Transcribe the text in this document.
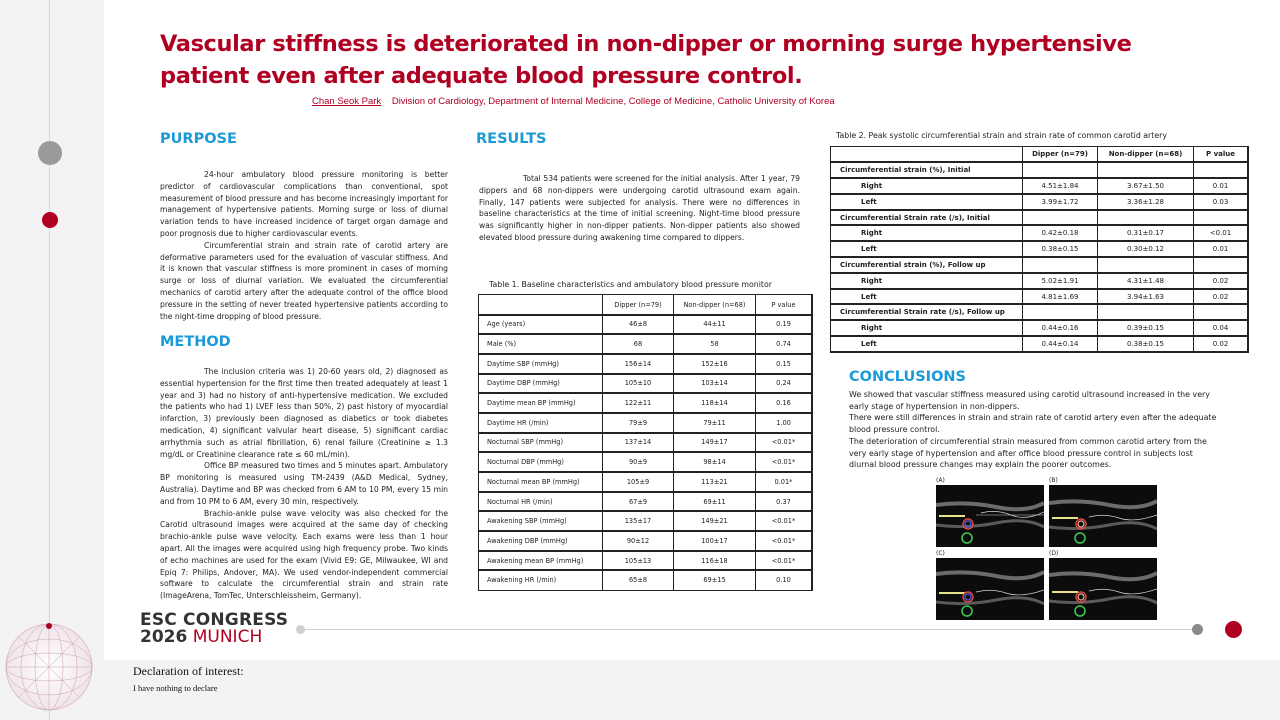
Vascular stiffness is deteriorated in non-dipper or morning surge hypertensive patient even after adequate blood pressure control.
Chan Seok Park Division of Cardiology, Department of Internal Medicine, College of Medicine, Catholic University of Korea
PURPOSE

24-hour ambulatory blood pressure monitoring is better predictor of cardiovascular complications than conventional, spot measurement of blood pressure and has become increasingly important for management of hypertensive patients. Morning surge or loss of diurnal variation tends to have increased incidence of target organ damage and poor prognosis due to higher cardiovascular events.

Circumferential strain and strain rate of carotid artery are deformative parameters used for the evaluation of vascular stiffness. And it is known that vascular stiffness is more prominent in cases of morning surge or loss of diurnal variation. We evaluated the circumferential mechanics of carotid artery after the adequate control of the office blood pressure in the setting of never treated hypertensive patients according to the night-time dropping of blood pressure.

METHOD

The inclusion criteria was 1) 20-60 years old, 2) diagnosed as essential hypertension for the first time then treated adequately at least 1 year and 3) had no history of anti-hypertensive medication. We excluded the patients who had 1) LVEF less than 50%, 2) past history of myocardial infarction, 3) previously been diagnosed as diabetics or took diabetes medication, 4) significant valvular heart disease, 5) significant cardiac arrhythmia such as atrial fibrillation, 6) renal failure (Creatinine ≥ 1.3 mg/dL or Creatinine clearance rate ≤ 60 mL/min).

Office BP measured two times and 5 minutes apart. Ambulatory BP monitoring is measured using TM-2439 (A&D Medical, Sydney, Australia). Daytime and BP was checked from 6 AM to 10 PM, every 15 min and from 10 PM to 6 AM, every 30 min, respectively.

Brachio-ankle pulse wave velocity was also checked for the Carotid ultrasound images were acquired at the same day of checking brachio-ankle pulse wave velocity. Each exams were less than 1 hour apart. All the images were acquired using high frequency probe. Two kinds of echo machines are used for the exam (Vivid E9: GE, Milwaukee, WI and Epiq 7: Philips, Andover, MA). We used vendor-independent commercial software to calculate the circumferential strain and strain rate (ImageArena, TomTec, Unterschleissheim, Germany).

RESULTS

Total 534 patients were screened for the initial analysis. After 1 year, 79 dippers and 68 non-dippers were undergoing carotid ultrasound exam again. Finally, 147 patients were subjected for analysis. There were no differences in baseline characteristics at the time of initial screening. Night-time blood pressure was significantly higher in non-dipper patients. Non-dipper patients also showed elevated blood pressure during awakening time compared to dippers.

Table 1. Baseline characteristics and ambulatory blood pressure monitor
	Dipper (n=79)	Non-dipper (n=68)	P value
Age (years)	46±8	44±11	0.19
Male (%)	68	58	0.74
Daytime SBP (mmHg)	156±14	152±16	0.15
Daytime DBP (mmHg)	105±10	103±14	0.24
Daytime mean BP (mmHg)	122±11	118±14	0.16
Daytime HR (/min)	79±9	79±11	1.00
Nocturnal SBP (mmHg)	137±14	149±17	<0.01*
Nocturnal DBP (mmHg)	90±9	98±14	<0.01*
Nocturnal mean BP (mmHg)	105±9	113±21	0.01*
Nocturnal HR (/min)	67±9	69±11	0.37
Awakening SBP (mmHg)	135±17	149±21	<0.01*
Awakening DBP (mmHg)	90±12	100±17	<0.01*
Awakening mean BP (mmHg)	105±13	116±18	<0.01*
Awakening HR (/min)	65±8	69±15	0.10
Table 2. Peak systolic circumferential strain and strain rate of common carotid artery
	Dipper (n=79)	Non-dipper (n=68)	P value
Circumferential strain (%), Initial			
Right	4.51±1.84	3.67±1.50	0.01
Left	3.99±1.72	3.36±1.28	0.03
Circumferential Strain rate (/s), Initial			
Right	0.42±0.18	0.31±0.17	<0.01
Left	0.38±0.15	0.30±0.12	0.01
Circumferential strain (%), Follow up			
Right	5.02±1.91	4.31±1.48	0.02
Left	4.81±1.69	3.94±1.63	0.02
Circumferential Strain rate (/s), Follow up			
Right	0.44±0.16	0.39±0.15	0.04
Left	0.44±0.14	0.38±0.15	0.02
CONCLUSIONS
We showed that vascular stiffness measured using carotid ultrasound increased in the very early stage of hypertension in non-dippers.
There were still differences in strain and strain rate of carotid artery even after the adequate blood pressure control.
The deterioration of circumferential strain measured from common carotid artery from the very early stage of hypertension and after office blood pressure control in subjects lost diurnal blood pressure changes may explain the poorer outcomes.
(A)	(B)
(C)	(D)
ESC CONGRESS
2026 MUNICH
Declaration of interest:
I have nothing to declare
